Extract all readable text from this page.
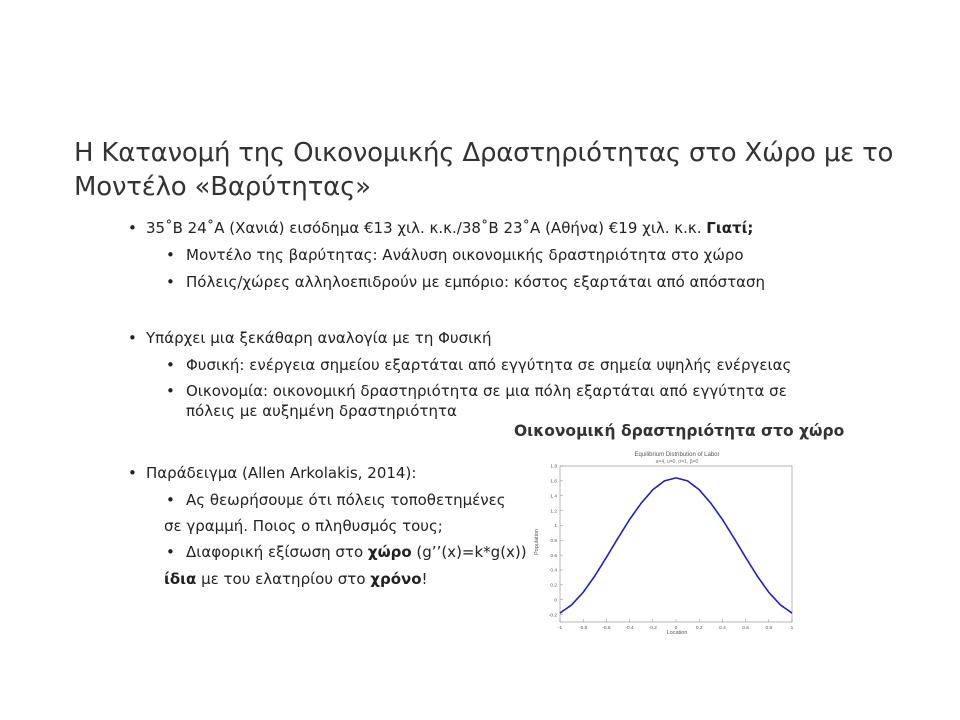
Η Κατανομή της Οικονομικής Δραστηριότητας στο Χώρο με το
Μοντέλο «Βαρύτητας»
• 35˚Β 24˚Α (Χανιά) εισόδημα €13 χιλ. κ.κ./38˚Β 23˚Α (Αθήνα) €19 χιλ. κ.κ. Γιατί;
• Μοντέλο της βαρύτητας: Ανάλυση οικονομικής δραστηριότητα στο χώρο
• Πόλεις/χώρες αλληλοεπιδρούν με εμπόριο: κόστος εξαρτάται από απόσταση
• Υπάρχει μια ξεκάθαρη αναλογία με τη Φυσική
• Φυσική: ενέργεια σημείου εξαρτάται από εγγύτητα σε σημεία υψηλής ενέργειας
• Οικονομία: οικονομική δραστηριότητα σε μια πόλη εξαρτάται από εγγύτητα σε
πόλεις με αυξημένη δραστηριότητα
• Παράδειγμα (Allen Arkolakis, 2014):
• Ας θεωρήσουμε ότι πόλεις τοποθετημένες
σε γραμμή. Ποιος ο πληθυσμός τους;
• Διαφορική εξίσωση στο χώρο (g’’(x)=k*g(x))
ίδια με του ελατηρίου στο χρόνο!
Οικονομική δραστηριότητα στο χώρο
Equilibrium Distribution of Labor
a=4, u=0, σ=1, β=0
-1	-0.8	-0.6	-0.4	-0.2	0	0.2	0.4	0.6	0.8	1
-0.2
0
0.2
0.4
0.6
0.8
1
1.2
1.4
1.6
1.8
Location
Population
